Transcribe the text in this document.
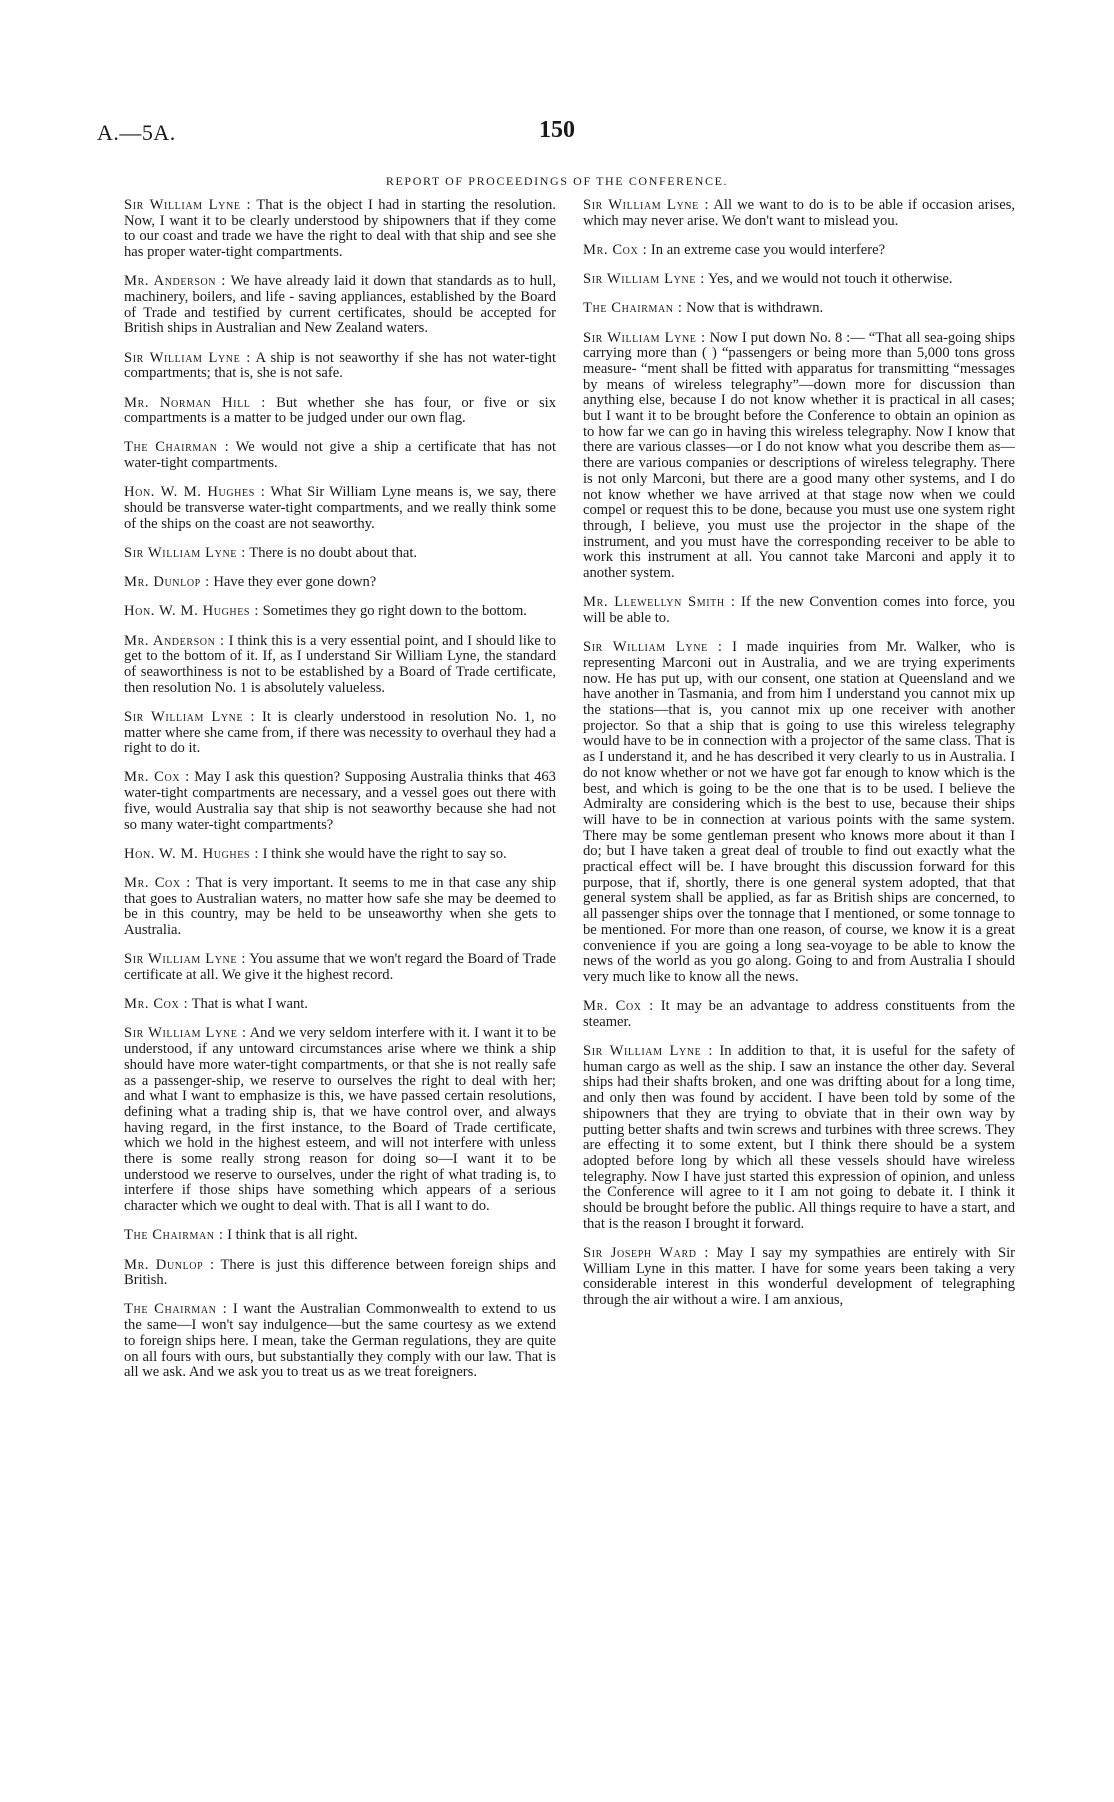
A.—5A.	150
REPORT OF PROCEEDINGS OF THE CONFERENCE.

Sir William Lyne : That is the object I had in starting the resolution. Now, I want it to be clearly understood by shipowners that if they come to our coast and trade we have the right to deal with that ship and see she has proper water-tight compartments.

Mr. Anderson : We have already laid it down that standards as to hull, machinery, boilers, and life - saving appliances, established by the Board of Trade and testified by current certificates, should be accepted for British ships in Australian and New Zealand waters.

Sir William Lyne : A ship is not seaworthy if she has not water-tight compartments; that is, she is not safe.

Mr. Norman Hill : But whether she has four, or five or six compartments is a matter to be judged under our own flag.

The Chairman : We would not give a ship a certificate that has not water-tight compartments.

Hon. W. M. Hughes : What Sir William Lyne means is, we say, there should be transverse water-tight compartments, and we really think some of the ships on the coast are not seaworthy.

Sir William Lyne : There is no doubt about that.

Mr. Dunlop : Have they ever gone down?

Hon. W. M. Hughes : Sometimes they go right down to the bottom.

Mr. Anderson : I think this is a very essential point, and I should like to get to the bottom of it. If, as I understand Sir William Lyne, the standard of seaworthiness is not to be established by a Board of Trade certificate, then resolution No. 1 is absolutely valueless.

Sir William Lyne : It is clearly understood in resolution No. 1, no matter where she came from, if there was necessity to overhaul they had a right to do it.

Mr. Cox : May I ask this question? Supposing Australia thinks that 463 water-tight compartments are necessary, and a vessel goes out there with five, would Australia say that ship is not seaworthy because she had not so many water-tight compartments?

Hon. W. M. Hughes : I think she would have the right to say so.

Mr. Cox : That is very important. It seems to me in that case any ship that goes to Australian waters, no matter how safe she may be deemed to be in this country, may be held to be unseaworthy when she gets to Australia.

Sir William Lyne : You assume that we won't regard the Board of Trade certificate at all. We give it the highest record.

Mr. Cox : That is what I want.

Sir William Lyne : And we very seldom interfere with it. I want it to be understood, if any untoward circumstances arise where we think a ship should have more water-tight compartments, or that she is not really safe as a passenger-ship, we reserve to ourselves the right to deal with her; and what I want to emphasize is this, we have passed certain resolutions, defining what a trading ship is, that we have control over, and always having regard, in the first instance, to the Board of Trade certificate, which we hold in the highest esteem, and will not interfere with unless there is some really strong reason for doing so—I want it to be understood we reserve to ourselves, under the right of what trading is, to interfere if those ships have something which appears of a serious character which we ought to deal with. That is all I want to do.

The Chairman : I think that is all right.

Mr. Dunlop : There is just this difference between foreign ships and British.

The Chairman : I want the Australian Commonwealth to extend to us the same—I won't say indulgence—but the same courtesy as we extend to foreign ships here. I mean, take the German regulations, they are quite on all fours with ours, but substantially they comply with our law. That is all we ask. And we ask you to treat us as we treat foreigners.

Sir William Lyne : All we want to do is to be able if occasion arises, which may never arise. We don't want to mislead you.

Mr. Cox : In an extreme case you would interfere?

Sir William Lyne : Yes, and we would not touch it otherwise.

The Chairman : Now that is withdrawn.

Sir William Lyne : Now I put down No. 8 :— “That all sea-going ships carrying more than ( ) “passengers or being more than 5,000 tons gross measure- “ment shall be fitted with apparatus for transmitting “messages by means of wireless telegraphy”—down more for discussion than anything else, because I do not know whether it is practical in all cases; but I want it to be brought before the Conference to obtain an opinion as to how far we can go in having this wireless telegraphy. Now I know that there are various classes—or I do not know what you describe them as—there are various companies or descriptions of wireless telegraphy. There is not only Marconi, but there are a good many other systems, and I do not know whether we have arrived at that stage now when we could compel or request this to be done, because you must use one system right through, I believe, you must use the projector in the shape of the instrument, and you must have the corresponding receiver to be able to work this instrument at all. You cannot take Marconi and apply it to another system.

Mr. Llewellyn Smith : If the new Convention comes into force, you will be able to.

Sir William Lyne : I made inquiries from Mr. Walker, who is representing Marconi out in Australia, and we are trying experiments now. He has put up, with our consent, one station at Queensland and we have another in Tasmania, and from him I understand you cannot mix up the stations—that is, you cannot mix up one receiver with another projector. So that a ship that is going to use this wireless telegraphy would have to be in connection with a projector of the same class. That is as I understand it, and he has described it very clearly to us in Australia. I do not know whether or not we have got far enough to know which is the best, and which is going to be the one that is to be used. I believe the Admiralty are considering which is the best to use, because their ships will have to be in connection at various points with the same system. There may be some gentleman present who knows more about it than I do; but I have taken a great deal of trouble to find out exactly what the practical effect will be. I have brought this discussion forward for this purpose, that if, shortly, there is one general system adopted, that that general system shall be applied, as far as British ships are concerned, to all passenger ships over the tonnage that I mentioned, or some tonnage to be mentioned. For more than one reason, of course, we know it is a great convenience if you are going a long sea-voyage to be able to know the news of the world as you go along. Going to and from Australia I should very much like to know all the news.

Mr. Cox : It may be an advantage to address constituents from the steamer.

Sir William Lyne : In addition to that, it is useful for the safety of human cargo as well as the ship. I saw an instance the other day. Several ships had their shafts broken, and one was drifting about for a long time, and only then was found by accident. I have been told by some of the shipowners that they are trying to obviate that in their own way by putting better shafts and twin screws and turbines with three screws. They are effecting it to some extent, but I think there should be a system adopted before long by which all these vessels should have wireless telegraphy. Now I have just started this expression of opinion, and unless the Conference will agree to it I am not going to debate it. I think it should be brought before the public. All things require to have a start, and that is the reason I brought it forward.

Sir Joseph Ward : May I say my sympathies are entirely with Sir William Lyne in this matter. I have for some years been taking a very considerable interest in this wonderful development of telegraphing through the air without a wire. I am anxious,
